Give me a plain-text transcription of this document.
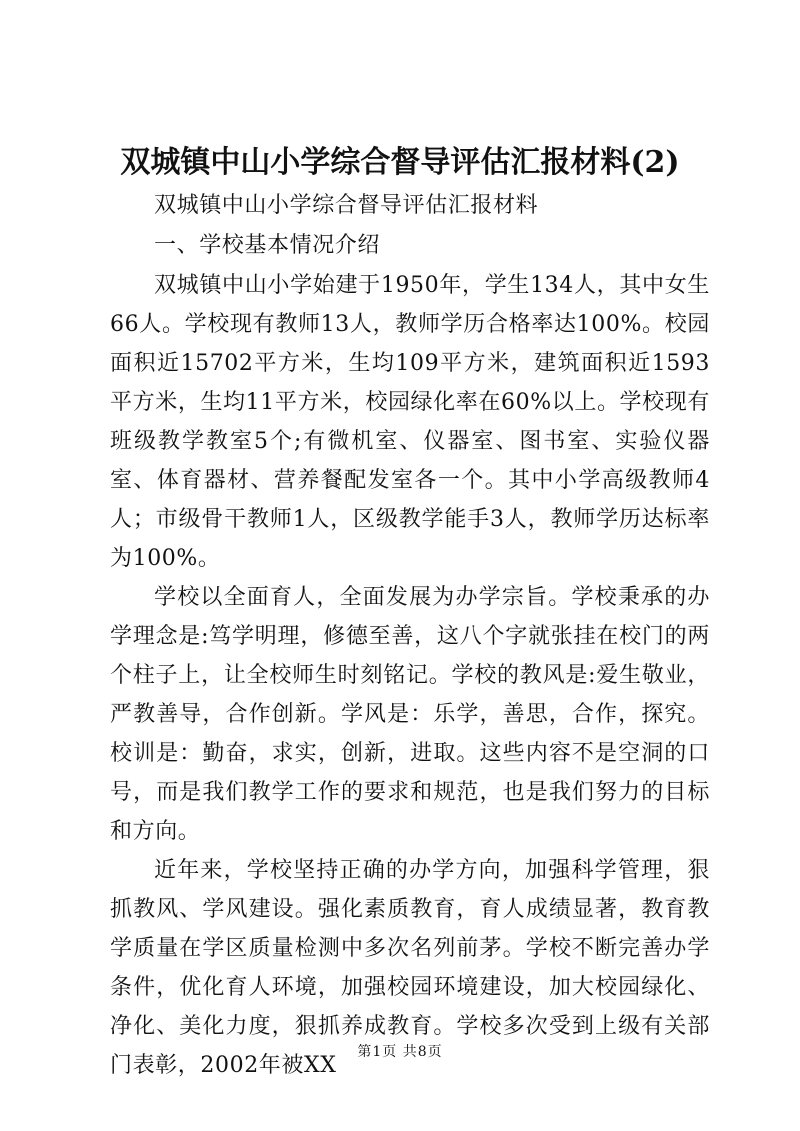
双城镇中山小学综合督导评估汇报材料(2)

双城镇中山小学综合督导评估汇报材料

一、学校基本情况介绍

双城镇中山小学始建于1950年，学生134人，其中女生66人。学校现有教师13人，教师学历合格率达100%。校园面积近15702平方米，生均109平方米，建筑面积近1593平方米，生均11平方米，校园绿化率在60%以上。学校现有班级教学教室5个;有微机室、仪器室、图书室、实验仪器室、体育器材、营养餐配发室各一个。其中小学高级教师4人；市级骨干教师1人，区级教学能手3人，教师学历达标率为100%。

学校以全面育人，全面发展为办学宗旨。学校秉承的办学理念是:笃学明理，修德至善，这八个字就张挂在校门的两个柱子上，让全校师生时刻铭记。学校的教风是:爱生敬业，严教善导，合作创新。学风是：乐学，善思，合作，探究。校训是：勤奋，求实，创新，进取。这些内容不是空洞的口号，而是我们教学工作的要求和规范，也是我们努力的目标和方向。

近年来，学校坚持正确的办学方向，加强科学管理，狠抓教风、学风建设。强化素质教育，育人成绩显著，教育教学质量在学区质量检测中多次名列前茅。学校不断完善办学条件，优化育人环境，加强校园环境建设，加大校园绿化、净化、美化力度，狠抓养成教育。学校多次受到上级有关部门表彰，2002年被XX

第1页 共8页
